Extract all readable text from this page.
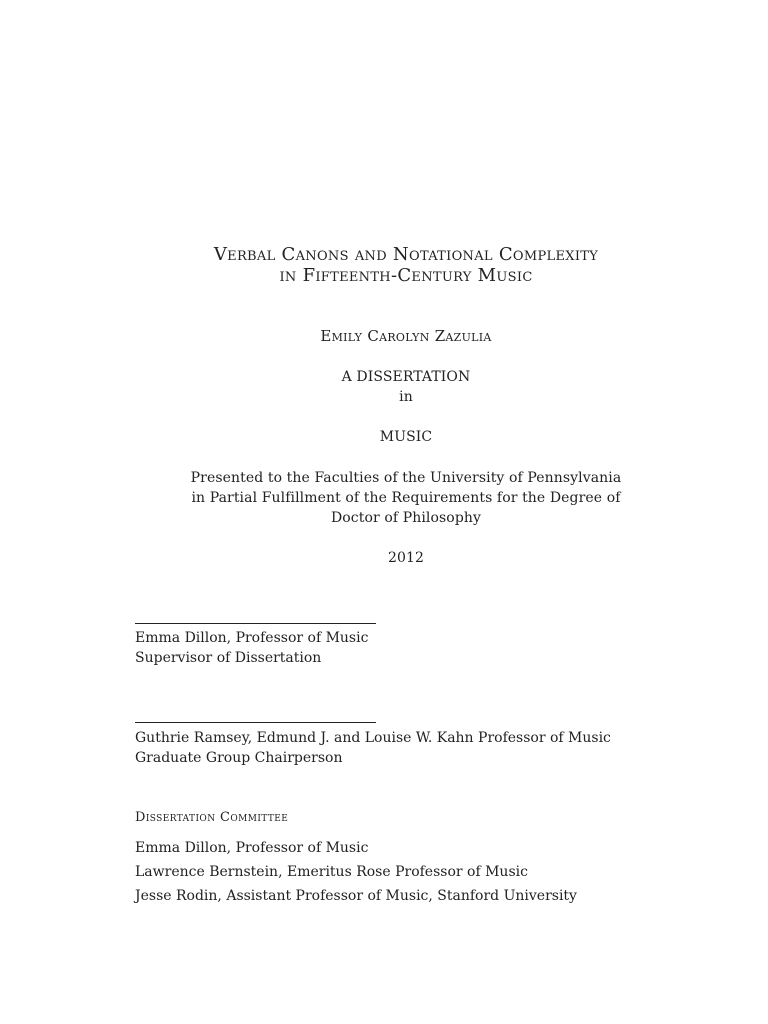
Verbal Canons and Notational Complexity
in Fifteenth-Century Music
Emily Carolyn Zazulia
A DISSERTATION
in
MUSIC
Presented to the Faculties of the University of Pennsylvania
in Partial Fulfillment of the Requirements for the Degree of
Doctor of Philosophy
2012
Emma Dillon, Professor of Music
Supervisor of Dissertation
Guthrie Ramsey, Edmund J. and Louise W. Kahn Professor of Music
Graduate Group Chairperson
Dissertation Committee
Emma Dillon, Professor of Music
Lawrence Bernstein, Emeritus Rose Professor of Music
Jesse Rodin, Assistant Professor of Music, Stanford University
